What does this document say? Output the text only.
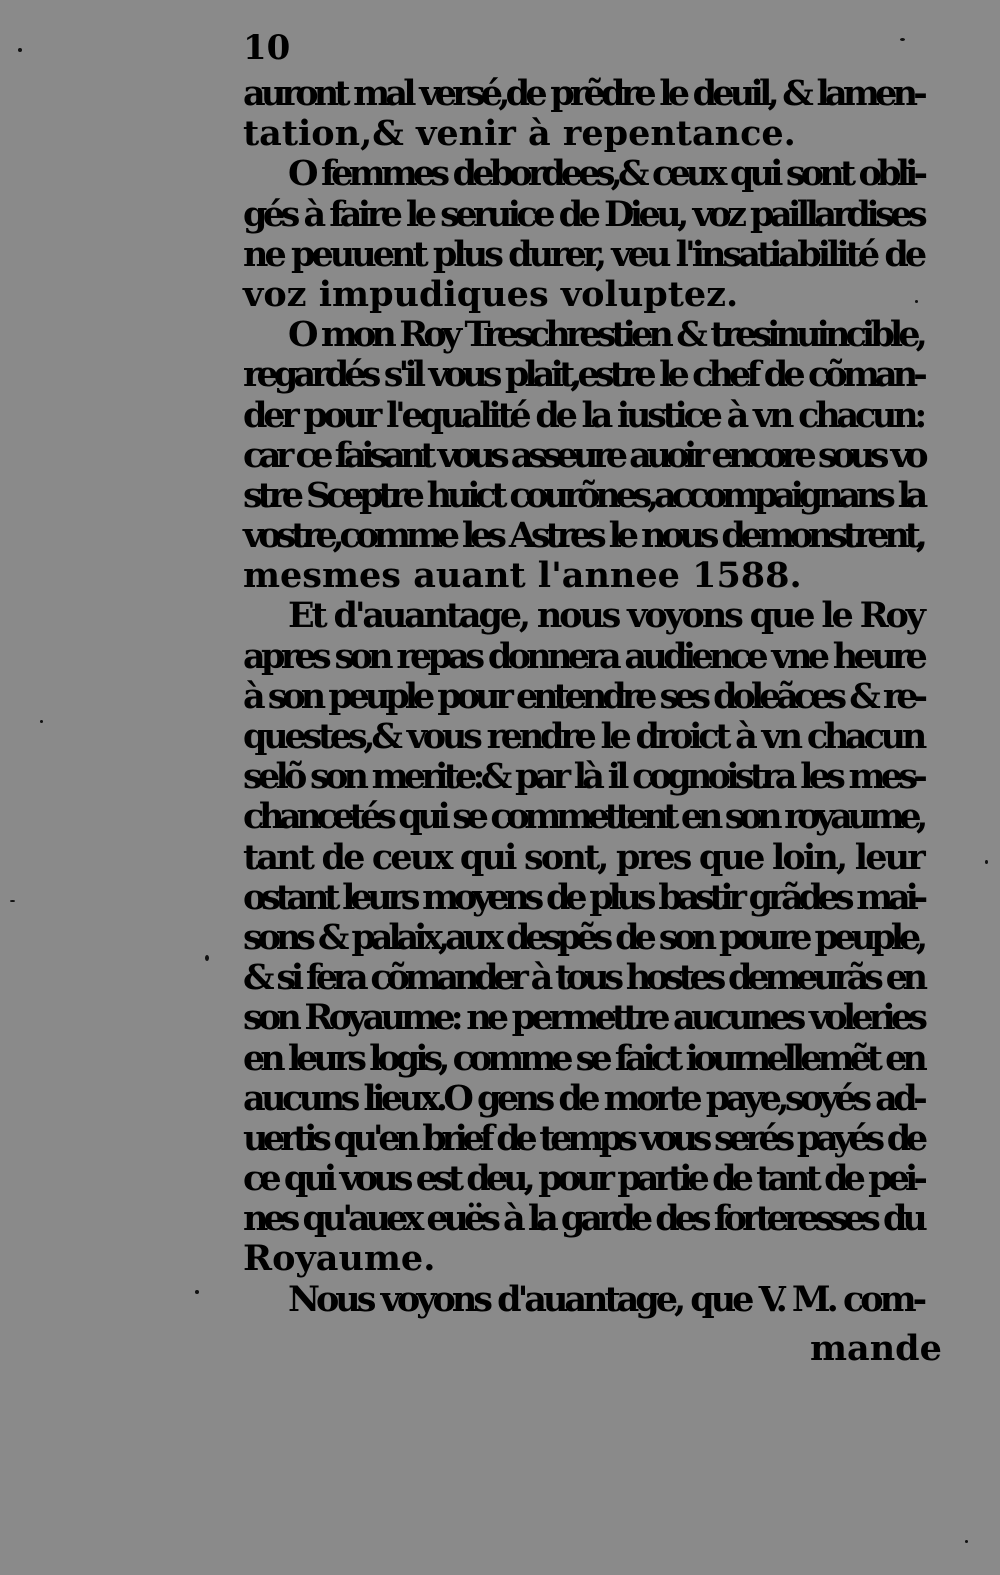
10
auront mal versé,de prẽdre le deuil, & lamen-
tation,& venir à repentance.
O femmes debordees,& ceux qui sont obli-
gés à faire le seruice de Dieu, voz paillardises
ne peuuent plus durer, veu l'insatiabilité de
voz impudiques voluptez.
O mon Roy Treschrestien & tresinuincible,
regardés s'il vous plait,estre le chef de cõman-
der pour l'equalité de la iustice à vn chacun:
car ce faisant vous asseure auoir encore sous vo
stre Sceptre huict courõnes,accompaignans la
vostre,comme les Astres le nous demonstrent,
mesmes auant l'annee 1588.
Et d'auantage, nous voyons que le Roy
apres son repas donnera audience vne heure
à son peuple pour entendre ses doleãces & re-
questes,& vous rendre le droict à vn chacun
selõ son merite:& par là il cognoistra les mes-
chancetés qui se commettent en son royaume,
tant de ceux qui sont, pres que loin, leur
ostant leurs moyens de plus bastir grãdes mai-
sons & palaix,aux despẽs de son poure peuple,
& si fera cõmander à tous hostes demeurãs en
son Royaume: ne permettre aucunes voleries
en leurs logis, comme se faict iournellemẽt en
aucuns lieux.O gens de morte paye,soyés ad-
uertis qu'en brief de temps vous serés payés de
ce qui vous est deu, pour partie de tant de pei-
nes qu'auex euës à la garde des forteresses du
Royaume.
Nous voyons d'auantage, que V. M. com-
mande
